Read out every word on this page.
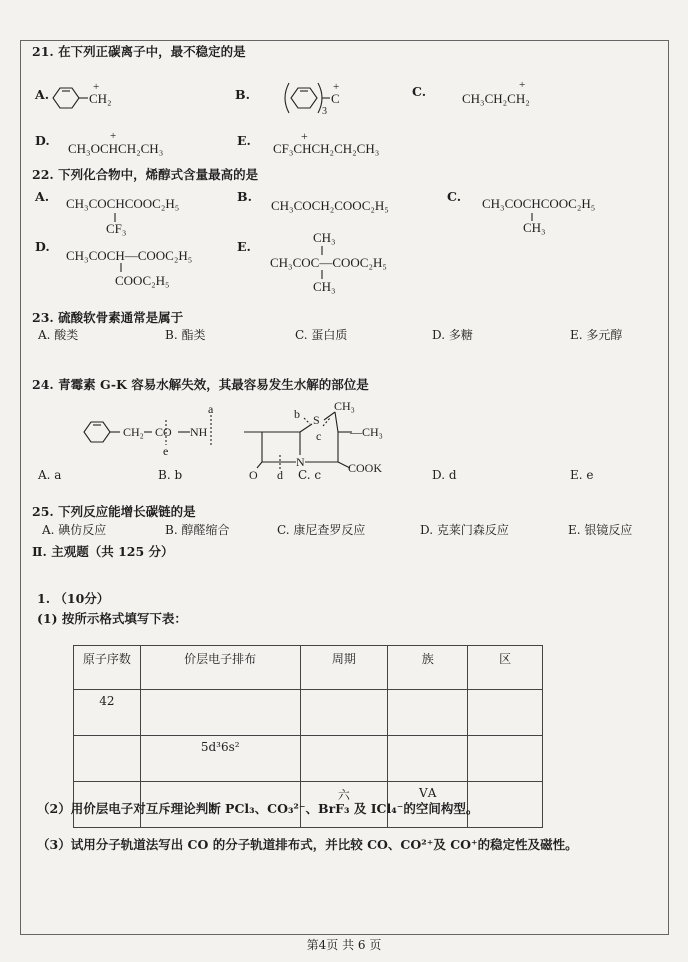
21. 在下列正碳离子中，最不稳定的是
A.
CH₂ CO NH
S
CH₃
—CH₃
COOK
N
O
a	b
c
d
e
CH₂
+	B.
3
C
+	C.	CH₃CH₂CH₂
+
D.
CH₃OCHCH₂CH₃
+	E.
CF₃CHCH₂CH₂CH₃
+
22. 下列化合物中，烯醇式含量最高的是
A. CH₃COCHCOOC₂H₅
CF₃
B.
CH₃COCH₂COOC₂H₅
C. CH₃COCHCOOC₂H₅
CH₃
D.
CH₃COCH—COOC₂H₅
COOC₂H₅
E.
CH₃
CH₃COC—COOC₂H₅
CH₃
23. 硫酸软骨素通常是属于
A. 酸类	B. 酯类	C. 蛋白质	D. 多糖	E. 多元醇
24. 青霉素 G-K 容易水解失效，其最容易发生水解的部位是
A. a	B. b	C. c	D. d	E. e
25. 下列反应能增长碳链的是
A. 碘仿反应	B. 醇醛缩合	C. 康尼查罗反应	D. 克莱门森反应	E. 银镜反应
Ⅱ. 主观题（共 125 分）
1. （10分）
(1) 按所示格式填写下表：
原子序数	价层电子排布	周期	族	区
42				
	5d³6s²			
		六	ⅤA	
（2）用价层电子对互斥理论判断 PCl₃、CO₃²⁻、BrF₃ 及 ICl₄⁻的空间构型。
（3）试用分子轨道法写出 CO 的分子轨道排布式，并比较 CO、CO²⁺及 CO⁺的稳定性及磁性。
第4页 共 6 页
